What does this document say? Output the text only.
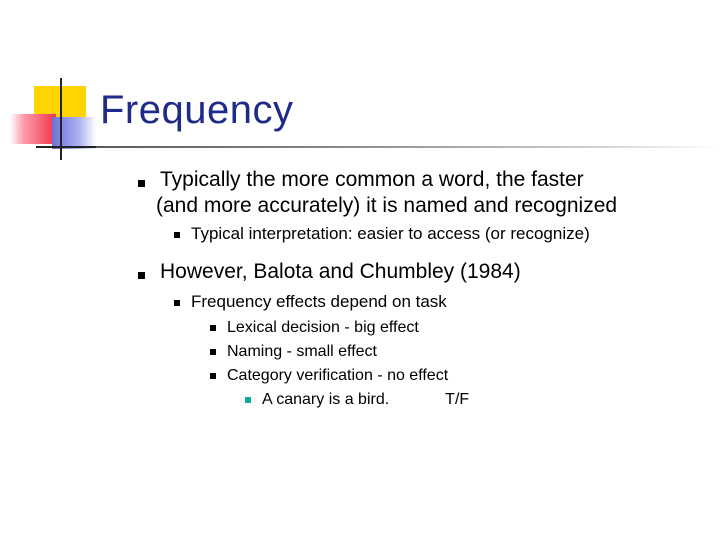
Frequency
Typically the more common a word, the faster
(and more accurately) it is named and recognized
Typical interpretation: easier to access (or recognize)
However, Balota and Chumbley (1984)
Frequency effects depend on task
Lexical decision - big effect
Naming - small effect
Category verification - no effect
A canary is a bird.	T/F
